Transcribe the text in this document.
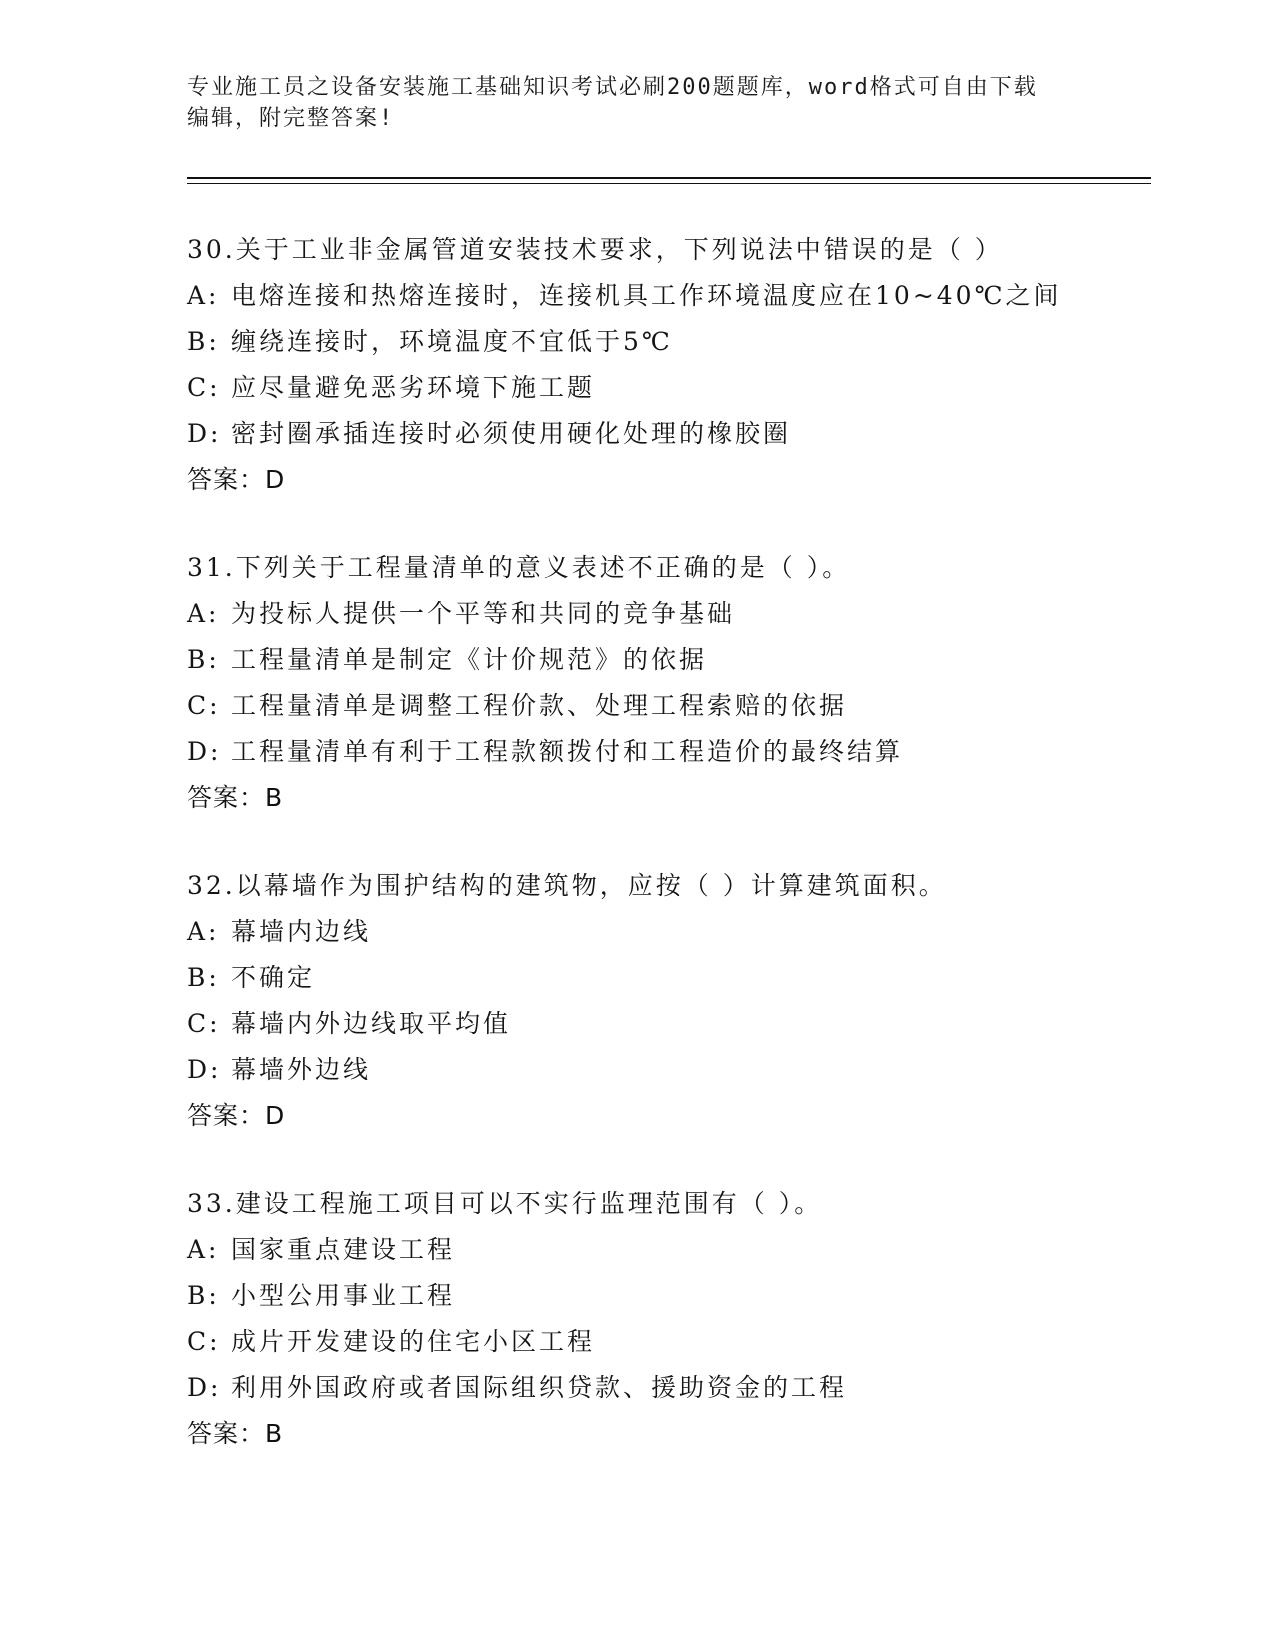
专业施工员之设备安装施工基础知识考试必刷200题题库，word格式可自由下载
编辑，附完整答案!
30.关于工业非金属管道安装技术要求，下列说法中错误的是（ ）
A: 电熔连接和热熔连接时，连接机具工作环境温度应在10~40℃之间
B: 缠绕连接时，环境温度不宜低于5℃
C: 应尽量避免恶劣环境下施工题
D: 密封圈承插连接时必须使用硬化处理的橡胶圈
答案：D
31.下列关于工程量清单的意义表述不正确的是（ ）。
A: 为投标人提供一个平等和共同的竞争基础
B: 工程量清单是制定《计价规范》的依据
C: 工程量清单是调整工程价款、处理工程索赔的依据
D: 工程量清单有利于工程款额拨付和工程造价的最终结算
答案：B
32.以幕墙作为围护结构的建筑物，应按（ ）计算建筑面积。
A: 幕墙内边线
B: 不确定
C: 幕墙内外边线取平均值
D: 幕墙外边线
答案：D
33.建设工程施工项目可以不实行监理范围有（ ）。
A: 国家重点建设工程
B: 小型公用事业工程
C: 成片开发建设的住宅小区工程
D: 利用外国政府或者国际组织贷款、援助资金的工程
答案：B
